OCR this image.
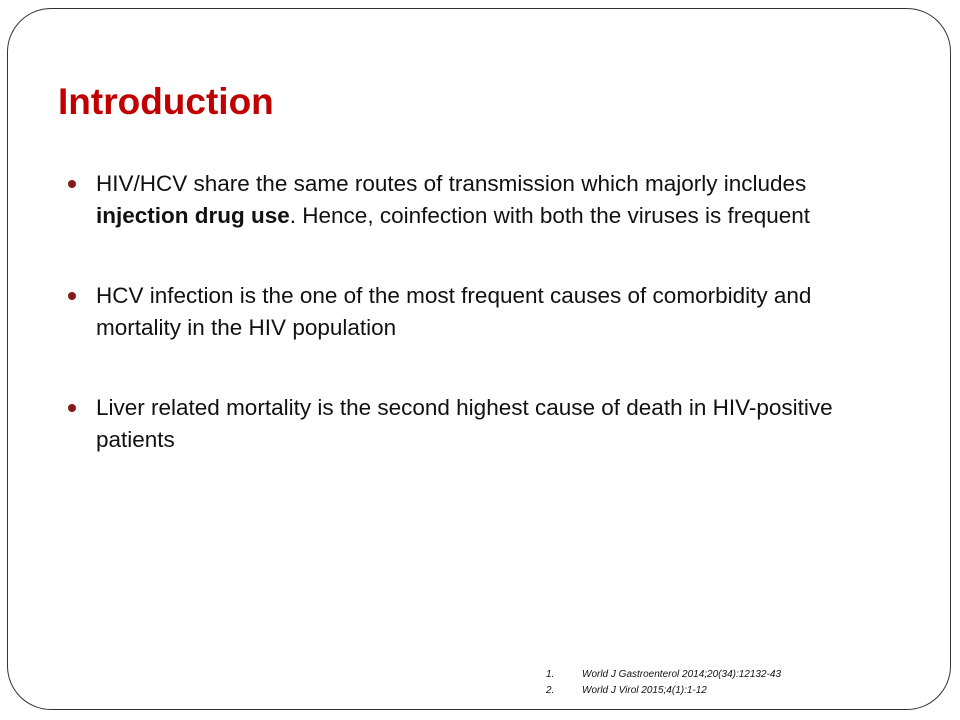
Introduction
HIV/HCV share the same routes of transmission which majorly includes injection drug use. Hence, coinfection with both the viruses is frequent
HCV infection is the one of the most frequent causes of comorbidity and mortality in the HIV population
Liver related mortality is the second highest cause of death in HIV-positive patients
1.	World J Gastroenterol 2014;20(34):12132-43
2.	World J Virol 2015;4(1):1-12
